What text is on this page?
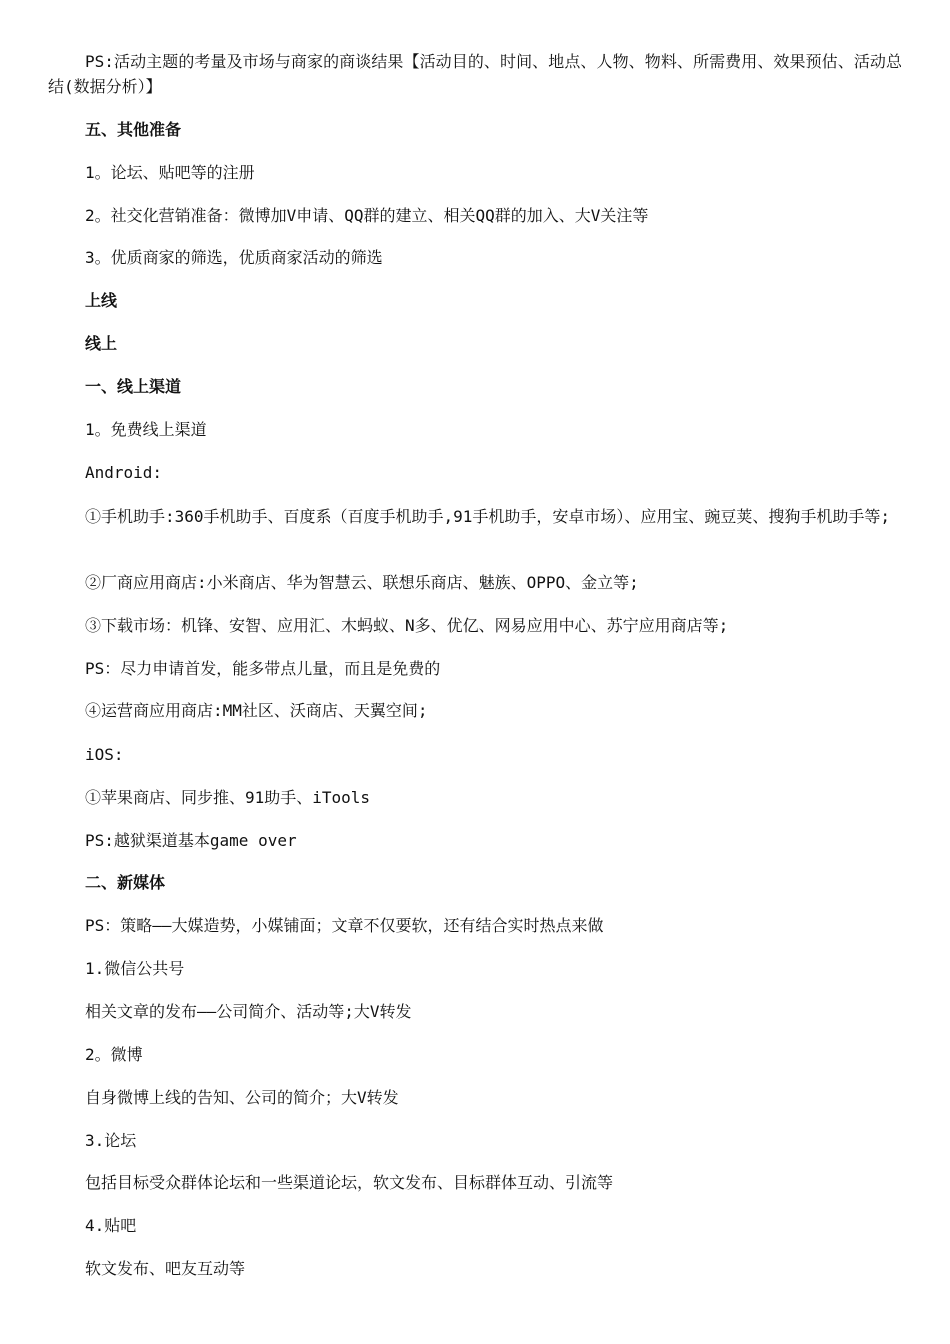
PS:活动主题的考量及市场与商家的商谈结果【活动目的、时间、地点、人物、物料、所需费用、效果预估、活动总结(数据分析）】
五、其他准备
1。论坛、贴吧等的注册
2。社交化营销准备：微博加V申请、QQ群的建立、相关QQ群的加入、大V关注等
3。优质商家的筛选，优质商家活动的筛选
上线
线上
一、线上渠道
1。免费线上渠道
Android:
①手机助手:360手机助手、百度系（百度手机助手,91手机助手，安卓市场）、应用宝、豌豆荚、搜狗手机助手等;
②厂商应用商店:小米商店、华为智慧云、联想乐商店、魅族、OPPO、金立等;
③下载市场：机锋、安智、应用汇、木蚂蚁、N多、优亿、网易应用中心、苏宁应用商店等;
PS：尽力申请首发，能多带点儿量，而且是免费的
④运营商应用商店:MM社区、沃商店、天翼空间;
iOS:
①苹果商店、同步推、91助手、iTools
PS:越狱渠道基本game over
二、新媒体
PS：策略——大媒造势，小媒铺面；文章不仅要软，还有结合实时热点来做
1.微信公共号
相关文章的发布——公司简介、活动等;大V转发
2。微博
自身微博上线的告知、公司的简介；大V转发
3.论坛
包括目标受众群体论坛和一些渠道论坛，软文发布、目标群体互动、引流等
4.贴吧
软文发布、吧友互动等
